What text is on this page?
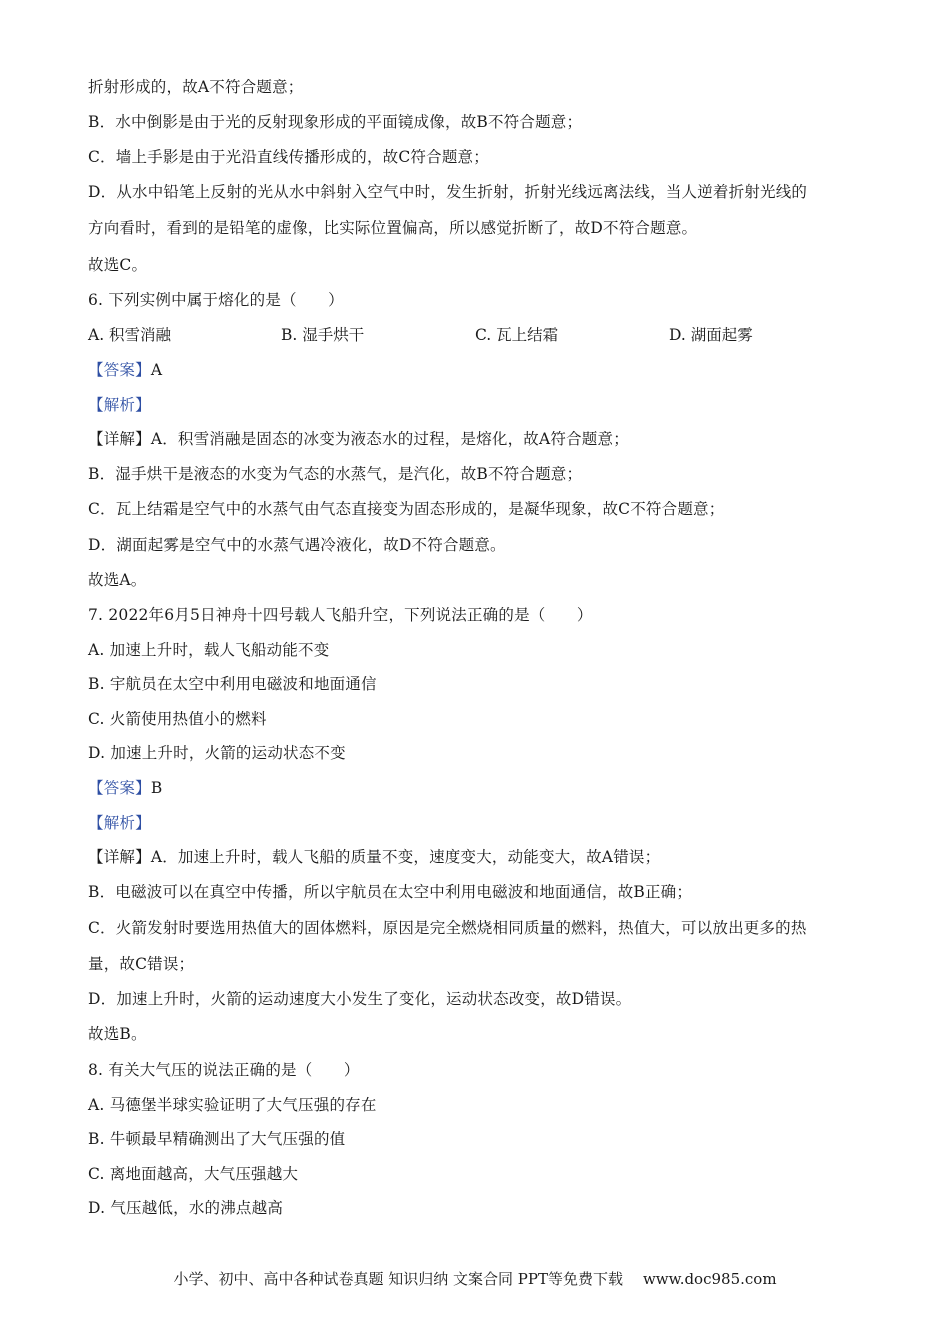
折射形成的，故A不符合题意；
B．水中倒影是由于光的反射现象形成的平面镜成像，故B不符合题意；
C．墙上手影是由于光沿直线传播形成的，故C符合题意；
D．从水中铅笔上反射的光从水中斜射入空气中时，发生折射，折射光线远离法线，当人逆着折射光线的
方向看时，看到的是铅笔的虚像，比实际位置偏高，所以感觉折断了，故D不符合题意。
故选C。
6. 下列实例中属于熔化的是（　　）
A. 积雪消融	B. 湿手烘干	C. 瓦上结霜	D. 湖面起雾
【答案】A
【解析】
【详解】A．积雪消融是固态的冰变为液态水的过程，是熔化，故A符合题意；
B．湿手烘干是液态的水变为气态的水蒸气，是汽化，故B不符合题意；
C．瓦上结霜是空气中的水蒸气由气态直接变为固态形成的，是凝华现象，故C不符合题意；
D．湖面起雾是空气中的水蒸气遇冷液化，故D不符合题意。
故选A。
7. 2022年6月5日神舟十四号载人飞船升空，下列说法正确的是（　　）
A. 加速上升时，载人飞船动能不变
B. 宇航员在太空中利用电磁波和地面通信
C. 火箭使用热值小的燃料
D. 加速上升时，火箭的运动状态不变
【答案】B
【解析】
【详解】A．加速上升时，载人飞船的质量不变，速度变大，动能变大，故A错误；
B．电磁波可以在真空中传播，所以宇航员在太空中利用电磁波和地面通信，故B正确；
C．火箭发射时要选用热值大的固体燃料，原因是完全燃烧相同质量的燃料，热值大，可以放出更多的热
量，故C错误；
D．加速上升时，火箭的运动速度大小发生了变化，运动状态改变，故D错误。
故选B。
8. 有关大气压的说法正确的是（　　）
A. 马德堡半球实验证明了大气压强的存在
B. 牛顿最早精确测出了大气压强的值
C. 离地面越高，大气压强越大
D. 气压越低，水的沸点越高
小学、初中、高中各种试卷真题 知识归纳 文案合同 PPT等免费下载 www.doc985.com
